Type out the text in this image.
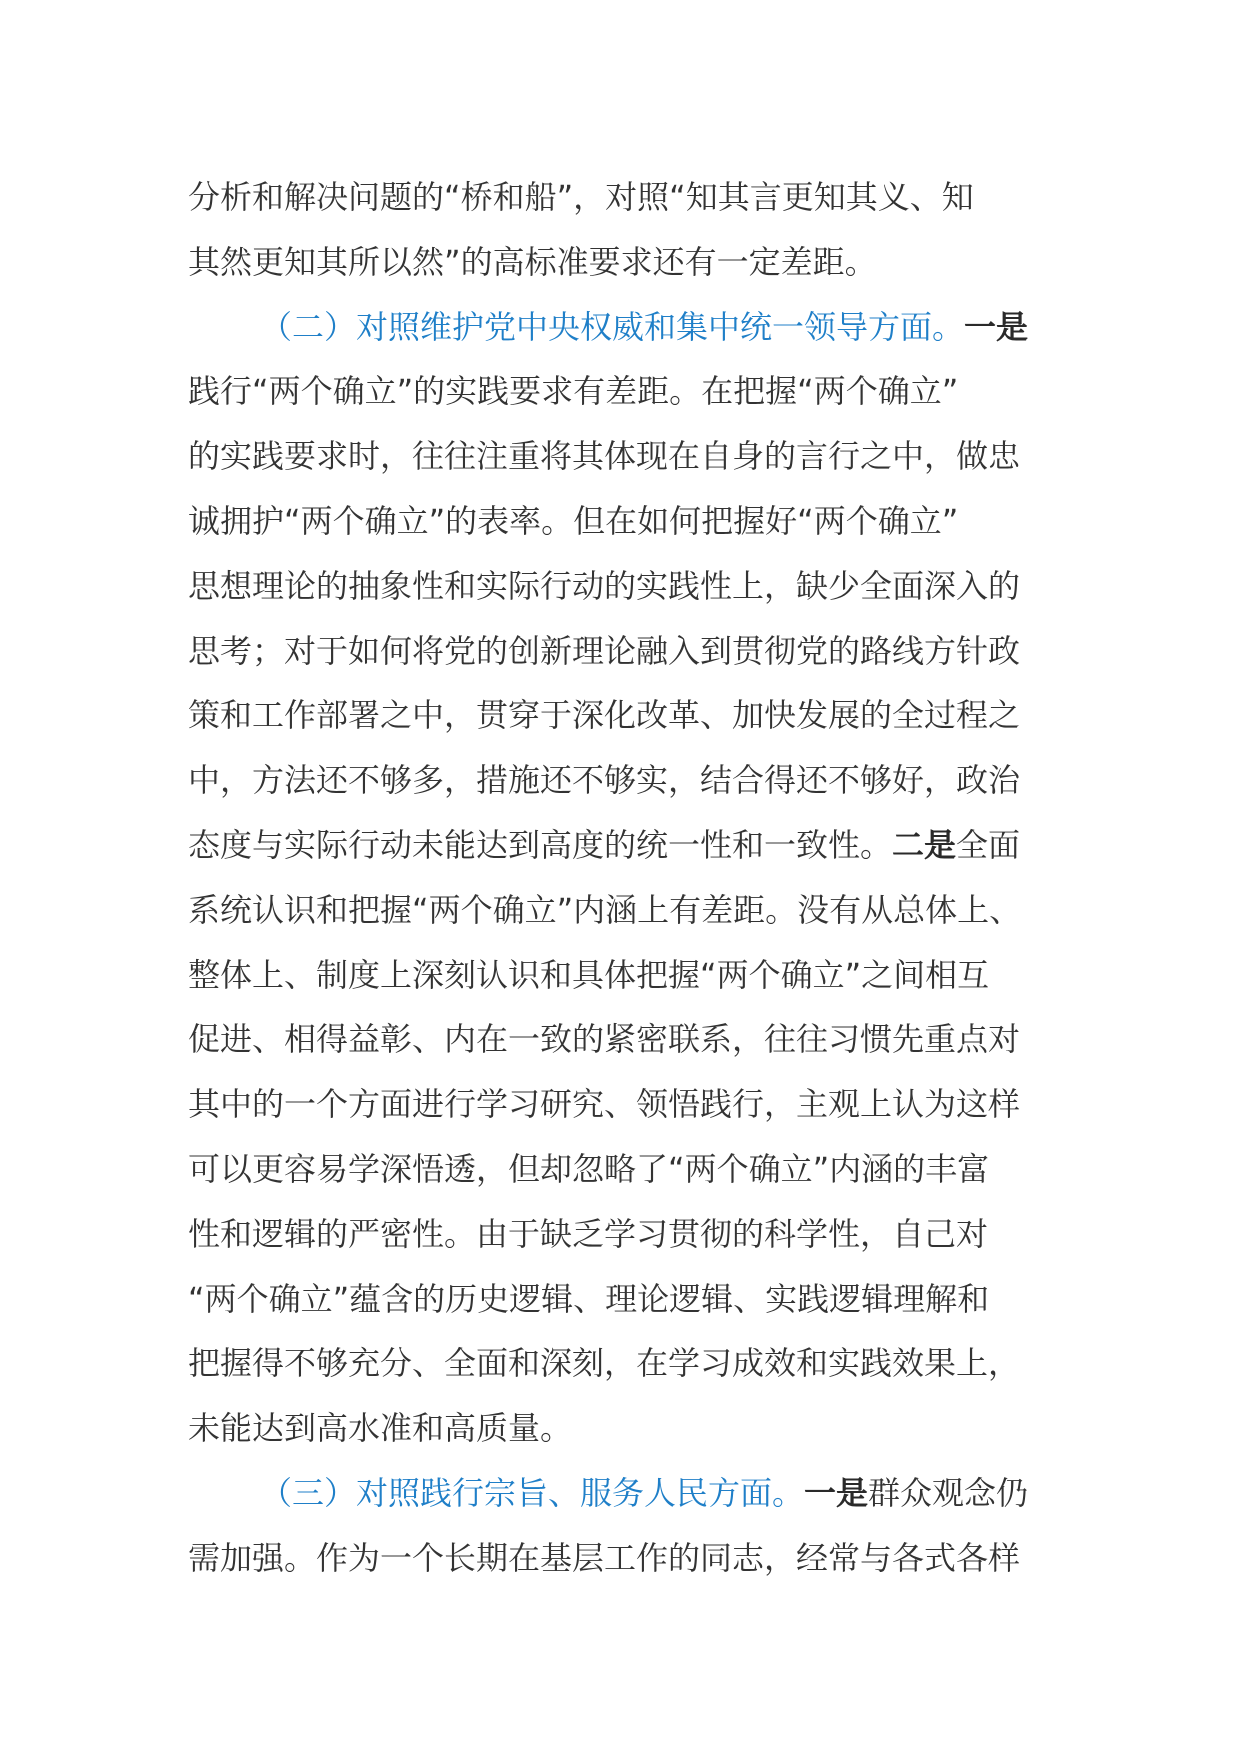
分析和解决问题的“桥和船”，对照“知其言更知其义、知
其然更知其所以然”的高标准要求还有一定差距。
（二）对照维护党中央权威和集中统一领导方面。一是
践行“两个确立”的实践要求有差距。在把握“两个确立”
的实践要求时，往往注重将其体现在自身的言行之中，做忠
诚拥护“两个确立”的表率。但在如何把握好“两个确立”
思想理论的抽象性和实际行动的实践性上，缺少全面深入的
思考；对于如何将党的创新理论融入到贯彻党的路线方针政
策和工作部署之中，贯穿于深化改革、加快发展的全过程之
中，方法还不够多，措施还不够实，结合得还不够好，政治
态度与实际行动未能达到高度的统一性和一致性。二是全面
系统认识和把握“两个确立”内涵上有差距。没有从总体上、
整体上、制度上深刻认识和具体把握“两个确立”之间相互
促进、相得益彰、内在一致的紧密联系，往往习惯先重点对
其中的一个方面进行学习研究、领悟践行，主观上认为这样
可以更容易学深悟透，但却忽略了“两个确立”内涵的丰富
性和逻辑的严密性。由于缺乏学习贯彻的科学性，自己对
“两个确立”蕴含的历史逻辑、理论逻辑、实践逻辑理解和
把握得不够充分、全面和深刻，在学习成效和实践效果上，
未能达到高水准和高质量。
（三）对照践行宗旨、服务人民方面。一是群众观念仍
需加强。作为一个长期在基层工作的同志，经常与各式各样
